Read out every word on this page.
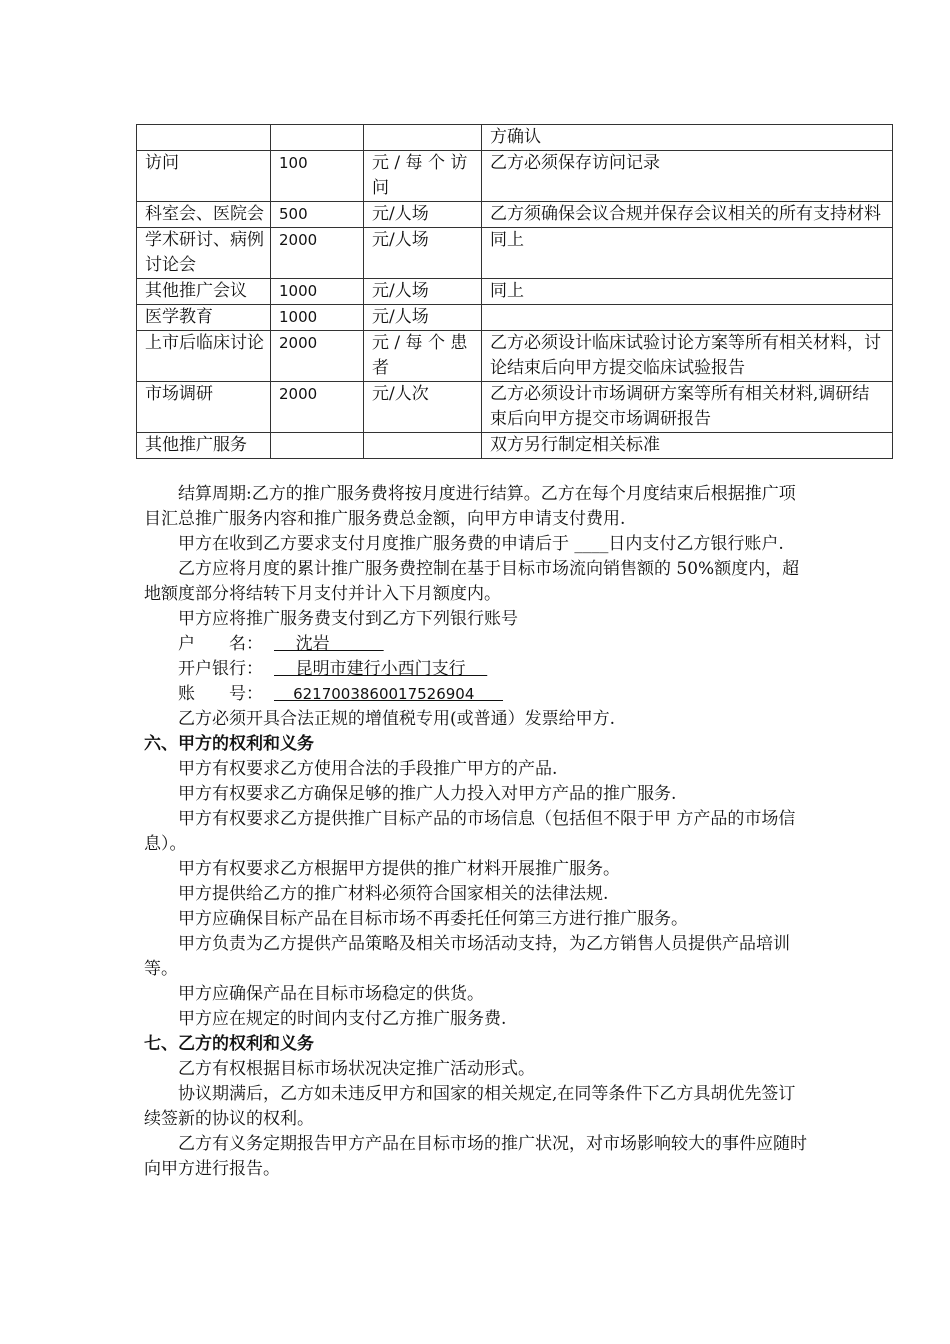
			方确认
访问	100	元 / 每 个 访问	乙方必须保存访问记录
科室会、医院会	500	元/人场	乙方须确保会议合规并保存会议相关的所有支持材料
学术研讨、病例讨论会	2000	元/人场	同上
其他推广会议	1000	元/人场	同上
医学教育	1000	元/人场	
上市后临床讨论	2000	元 / 每 个 患者	乙方必须设计临床试验讨论方案等所有相关材料，讨论结束后向甲方提交临床试验报告
市场调研	2000	元/人次	乙方必须设计市场调研方案等所有相关材料,调研结束后向甲方提交市场调研报告
其他推广服务			双方另行制定相关标准

结算周期:乙方的推广服务费将按月度进行结算。乙方在每个月度结束后根据推广项目汇总推广服务内容和推广服务费总金额，向甲方申请支付费用.

甲方在收到乙方要求支付月度推广服务费的申请后于 ____日内支付乙方银行账户.

乙方应将月度的累计推广服务费控制在基于目标市场流向销售额的 50%额度内，超地额度部分将结转下月支付并计入下月额度内。

甲方应将推广服务费支付到乙方下列银行账号

户　　名：    沈岩
开户银行：    昆明市建行小西门支行
账　　号：    6217003860017526904

乙方必须开具合法正规的增值税专用(或普通）发票给甲方.

六、甲方的权利和义务

甲方有权要求乙方使用合法的手段推广甲方的产品.

甲方有权要求乙方确保足够的推广人力投入对甲方产品的推广服务.

甲方有权要求乙方提供推广目标产品的市场信息（包括但不限于甲 方产品的市场信息）。

甲方有权要求乙方根据甲方提供的推广材料开展推广服务。

甲方提供给乙方的推广材料必须符合国家相关的法律法规.

甲方应确保目标产品在目标市场不再委托任何第三方进行推广服务。

甲方负责为乙方提供产品策略及相关市场活动支持，为乙方销售人员提供产品培训等。

甲方应确保产品在目标市场稳定的供货。

甲方应在规定的时间内支付乙方推广服务费.

七、乙方的权利和义务

乙方有权根据目标市场状况决定推广活动形式。

协议期满后，乙方如未违反甲方和国家的相关规定,在同等条件下乙方具胡优先签订续签新的协议的权利。

乙方有义务定期报告甲方产品在目标市场的推广状况，对市场影响较大的事件应随时向甲方进行报告。
